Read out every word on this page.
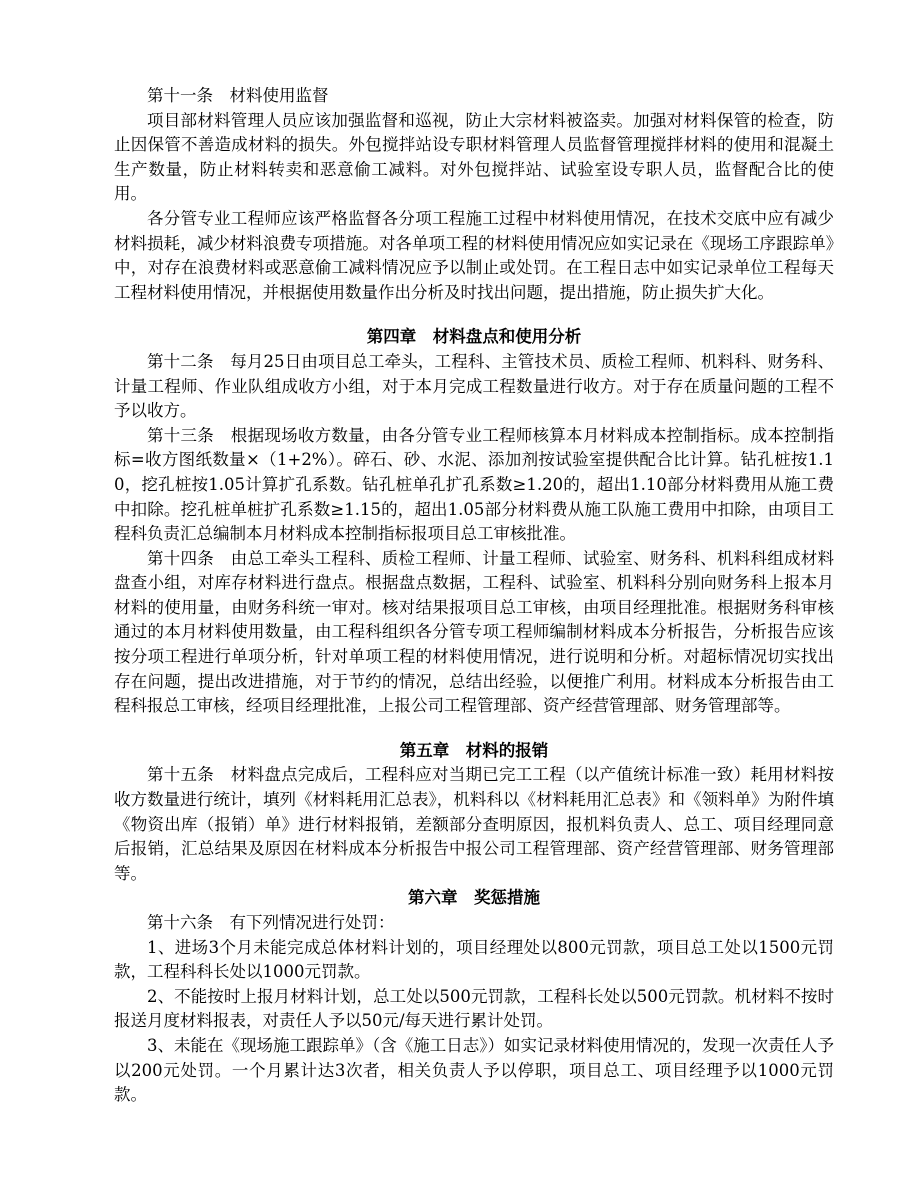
第十一条　材料使用监督

项目部材料管理人员应该加强监督和巡视，防止大宗材料被盗卖。加强对材料保管的检查，防止因保管不善造成材料的损失。外包搅拌站设专职材料管理人员监督管理搅拌材料的使用和混凝土生产数量，防止材料转卖和恶意偷工减料。对外包搅拌站、试验室设专职人员，监督配合比的使用。

各分管专业工程师应该严格监督各分项工程施工过程中材料使用情况，在技术交底中应有减少材料损耗，减少材料浪费专项措施。对各单项工程的材料使用情况应如实记录在《现场工序跟踪单》中，对存在浪费材料或恶意偷工减料情况应予以制止或处罚。在工程日志中如实记录单位工程每天工程材料使用情况，并根据使用数量作出分析及时找出问题，提出措施，防止损失扩大化。

第四章　材料盘点和使用分析

第十二条　每月25日由项目总工牵头，工程科、主管技术员、质检工程师、机料科、财务科、计量工程师、作业队组成收方小组，对于本月完成工程数量进行收方。对于存在质量问题的工程不予以收方。

第十三条　根据现场收方数量，由各分管专业工程师核算本月材料成本控制指标。成本控制指标=收方图纸数量×（1+2%）。碎石、砂、水泥、添加剂按试验室提供配合比计算。钻孔桩按1.10，挖孔桩按1.05计算扩孔系数。钻孔桩单孔扩孔系数≥1.20的，超出1.10部分材料费用从施工费中扣除。挖孔桩单桩扩孔系数≥1.15的，超出1.05部分材料费从施工队施工费用中扣除，由项目工程科负责汇总编制本月材料成本控制指标报项目总工审核批准。

第十四条　由总工牵头工程科、质检工程师、计量工程师、试验室、财务科、机料科组成材料盘查小组，对库存材料进行盘点。根据盘点数据，工程科、试验室、机料科分别向财务科上报本月材料的使用量，由财务科统一审对。核对结果报项目总工审核，由项目经理批准。根据财务科审核通过的本月材料使用数量，由工程科组织各分管专项工程师编制材料成本分析报告，分析报告应该按分项工程进行单项分析，针对单项工程的材料使用情况，进行说明和分析。对超标情况切实找出存在问题，提出改进措施，对于节约的情况，总结出经验，以便推广利用。材料成本分析报告由工程科报总工审核，经项目经理批准，上报公司工程管理部、资产经营管理部、财务管理部等。

第五章　材料的报销

第十五条　材料盘点完成后，工程科应对当期已完工工程（以产值统计标准一致）耗用材料按收方数量进行统计，填列《材料耗用汇总表》，机料科以《材料耗用汇总表》和《领料单》为附件填《物资出库（报销）单》进行材料报销，差额部分查明原因，报机料负责人、总工、项目经理同意后报销，汇总结果及原因在材料成本分析报告中报公司工程管理部、资产经营管理部、财务管理部等。

第六章　奖惩措施

第十六条　有下列情况进行处罚：

1、进场3个月未能完成总体材料计划的，项目经理处以800元罚款，项目总工处以1500元罚款，工程科科长处以1000元罚款。

2、不能按时上报月材料计划，总工处以500元罚款，工程科长处以500元罚款。机材料不按时报送月度材料报表，对责任人予以50元/每天进行累计处罚。

3、未能在《现场施工跟踪单》（含《施工日志》）如实记录材料使用情况的，发现一次责任人予以200元处罚。一个月累计达3次者，相关负责人予以停职，项目总工、项目经理予以1000元罚款。
